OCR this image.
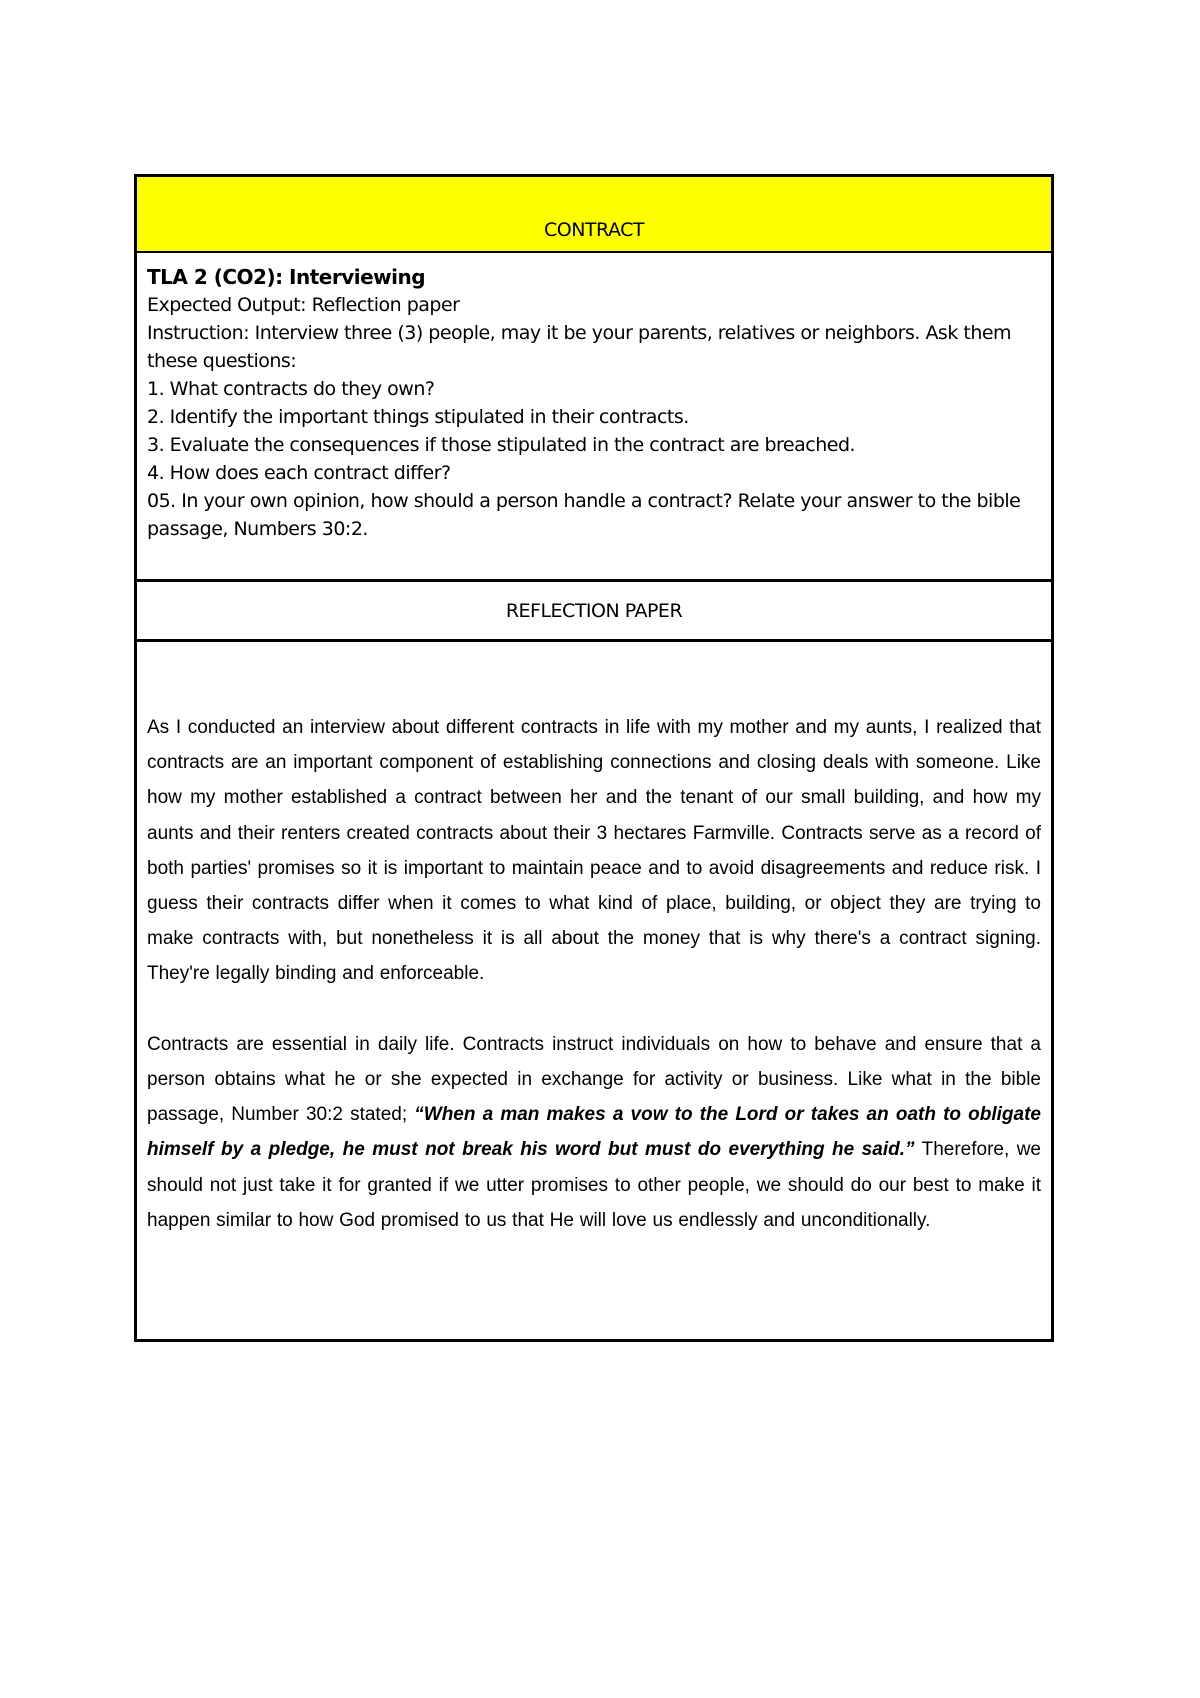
CONTRACT
TLA 2 (CO2): Interviewing
Expected Output: Reflection paper
Instruction: Interview three (3) people, may it be your parents, relatives or neighbors. Ask them these questions:
1. What contracts do they own?
2. Identify the important things stipulated in their contracts.
3. Evaluate the consequences if those stipulated in the contract are breached.
4. How does each contract differ?
05. In your own opinion, how should a person handle a contract? Relate your answer to the bible passage, Numbers 30:2.
REFLECTION PAPER

As I conducted an interview about different contracts in life with my mother and my aunts, I realized that contracts are an important component of establishing connections and closing deals with someone. Like how my mother established a contract between her and the tenant of our small building, and how my aunts and their renters created contracts about their 3 hectares Farmville. Contracts serve as a record of both parties' promises so it is important to maintain peace and to avoid disagreements and reduce risk. I guess their contracts differ when it comes to what kind of place, building, or object they are trying to make contracts with, but nonetheless it is all about the money that is why there's a contract signing. They're legally binding and enforceable.

Contracts are essential in daily life. Contracts instruct individuals on how to behave and ensure that a person obtains what he or she expected in exchange for activity or business. Like what in the bible passage, Number 30:2 stated; “When a man makes a vow to the Lord or takes an oath to obligate himself by a pledge, he must not break his word but must do everything he said.” Therefore, we should not just take it for granted if we utter promises to other people, we should do our best to make it happen similar to how God promised to us that He will love us endlessly and unconditionally.
